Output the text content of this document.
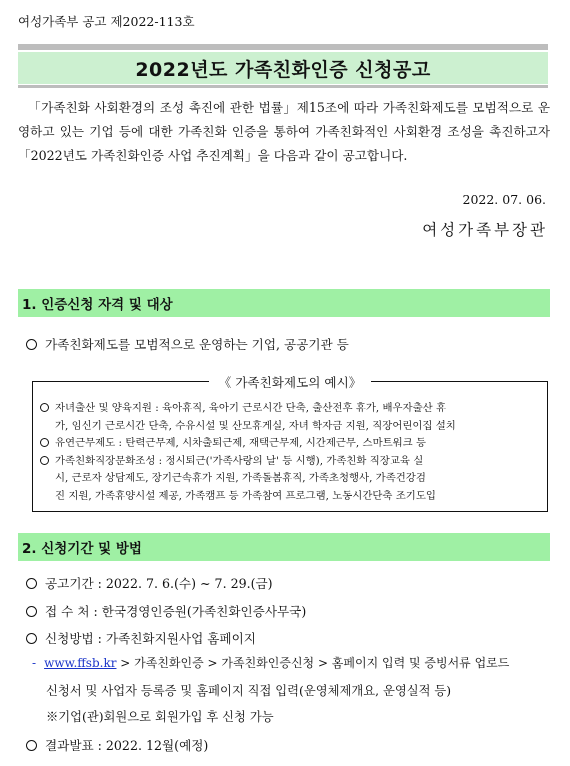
여성가족부 공고 제2022-113호
2022년도 가족친화인증 신청공고
「가족친화 사회환경의 조성 촉진에 관한 법률」제15조에 따라 가족친화제도를 모범적으로 운영하고 있는 기업 등에 대한 가족친화 인증을 통하여 가족친화적인 사회환경 조성을 촉진하고자「2022년도 가족친화인증 사업 추진계획」을 다음과 같이 공고합니다.
2022. 07. 06.
여성가족부장관
1. 인증신청 자격 및 대상
가족친화제도를 모범적으로 운영하는 기업, 공공기관 등
《 가족친화제도의 예시》
자녀출산 및 양육지원 : 육아휴직, 육아기 근로시간 단축, 출산전후 휴가, 배우자출산 휴
가, 임신기 근로시간 단축, 수유시설 및 산모휴게실, 자녀 학자금 지원, 직장어린이집 설치
유연근무제도 : 탄력근무제, 시차출퇴근제, 재택근무제, 시간제근무, 스마트워크 등
가족친화직장문화조성 : 정시퇴근('가족사랑의 날' 등 시행), 가족친화 직장교육 실
시, 근로자 상담제도, 장기근속휴가 지원, 가족돌봄휴직, 가족초청행사, 가족건강검
진 지원, 가족휴양시설 제공, 가족캠프 등 가족참여 프로그램, 노동시간단축 조기도입
2. 신청기간 및 방법
공고기간 : 2022. 7. 6.(수) ~ 7. 29.(금)
접 수 처 : 한국경영인증원(가족친화인증사무국)
신청방법 : 가족친화지원사업 홈페이지
- www.ffsb.kr > 가족친화인증 > 가족친화인증신청 > 홈페이지 입력 및 증빙서류 업로드
신청서 및 사업자 등록증 및 홈페이지 직접 입력(운영체제개요, 운영실적 등)
※기업(관)회원으로 회원가입 후 신청 가능
결과발표 : 2022. 12월(예정)
